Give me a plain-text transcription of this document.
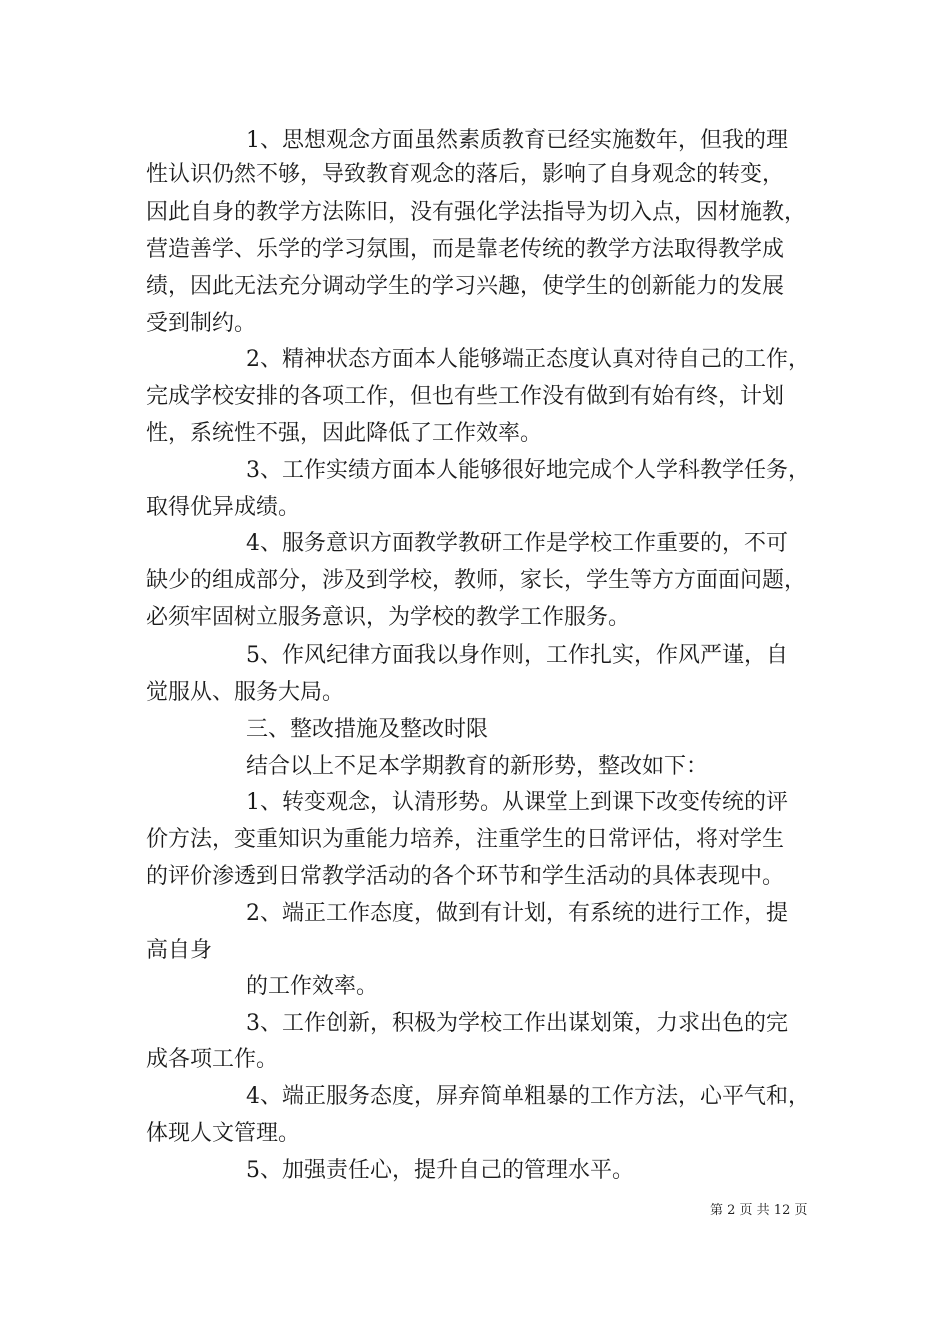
1、思想观念方面虽然素质教育已经实施数年，但我的理
性认识仍然不够，导致教育观念的落后，影响了自身观念的转变，
因此自身的教学方法陈旧，没有强化学法指导为切入点，因材施教，
营造善学、乐学的学习氛围，而是靠老传统的教学方法取得教学成
绩，因此无法充分调动学生的学习兴趣，使学生的创新能力的发展
受到制约。
2、精神状态方面本人能够端正态度认真对待自己的工作，
完成学校安排的各项工作，但也有些工作没有做到有始有终，计划
性，系统性不强，因此降低了工作效率。
3、工作实绩方面本人能够很好地完成个人学科教学任务，
取得优异成绩。
4、服务意识方面教学教研工作是学校工作重要的，不可
缺少的组成部分，涉及到学校，教师，家长，学生等方方面面问题，
必须牢固树立服务意识，为学校的教学工作服务。
5、作风纪律方面我以身作则，工作扎实，作风严谨，自
觉服从、服务大局。
三、整改措施及整改时限
结合以上不足本学期教育的新形势，整改如下：
1、转变观念，认清形势。从课堂上到课下改变传统的评
价方法，变重知识为重能力培养，注重学生的日常评估，将对学生
的评价渗透到日常教学活动的各个环节和学生活动的具体表现中。
2、端正工作态度，做到有计划，有系统的进行工作，提
高自身
的工作效率。
3、工作创新，积极为学校工作出谋划策，力求出色的完
成各项工作。
4、端正服务态度，屏弃简单粗暴的工作方法，心平气和，
体现人文管理。
5、加强责任心，提升自己的管理水平。
第 2 页 共 12 页
